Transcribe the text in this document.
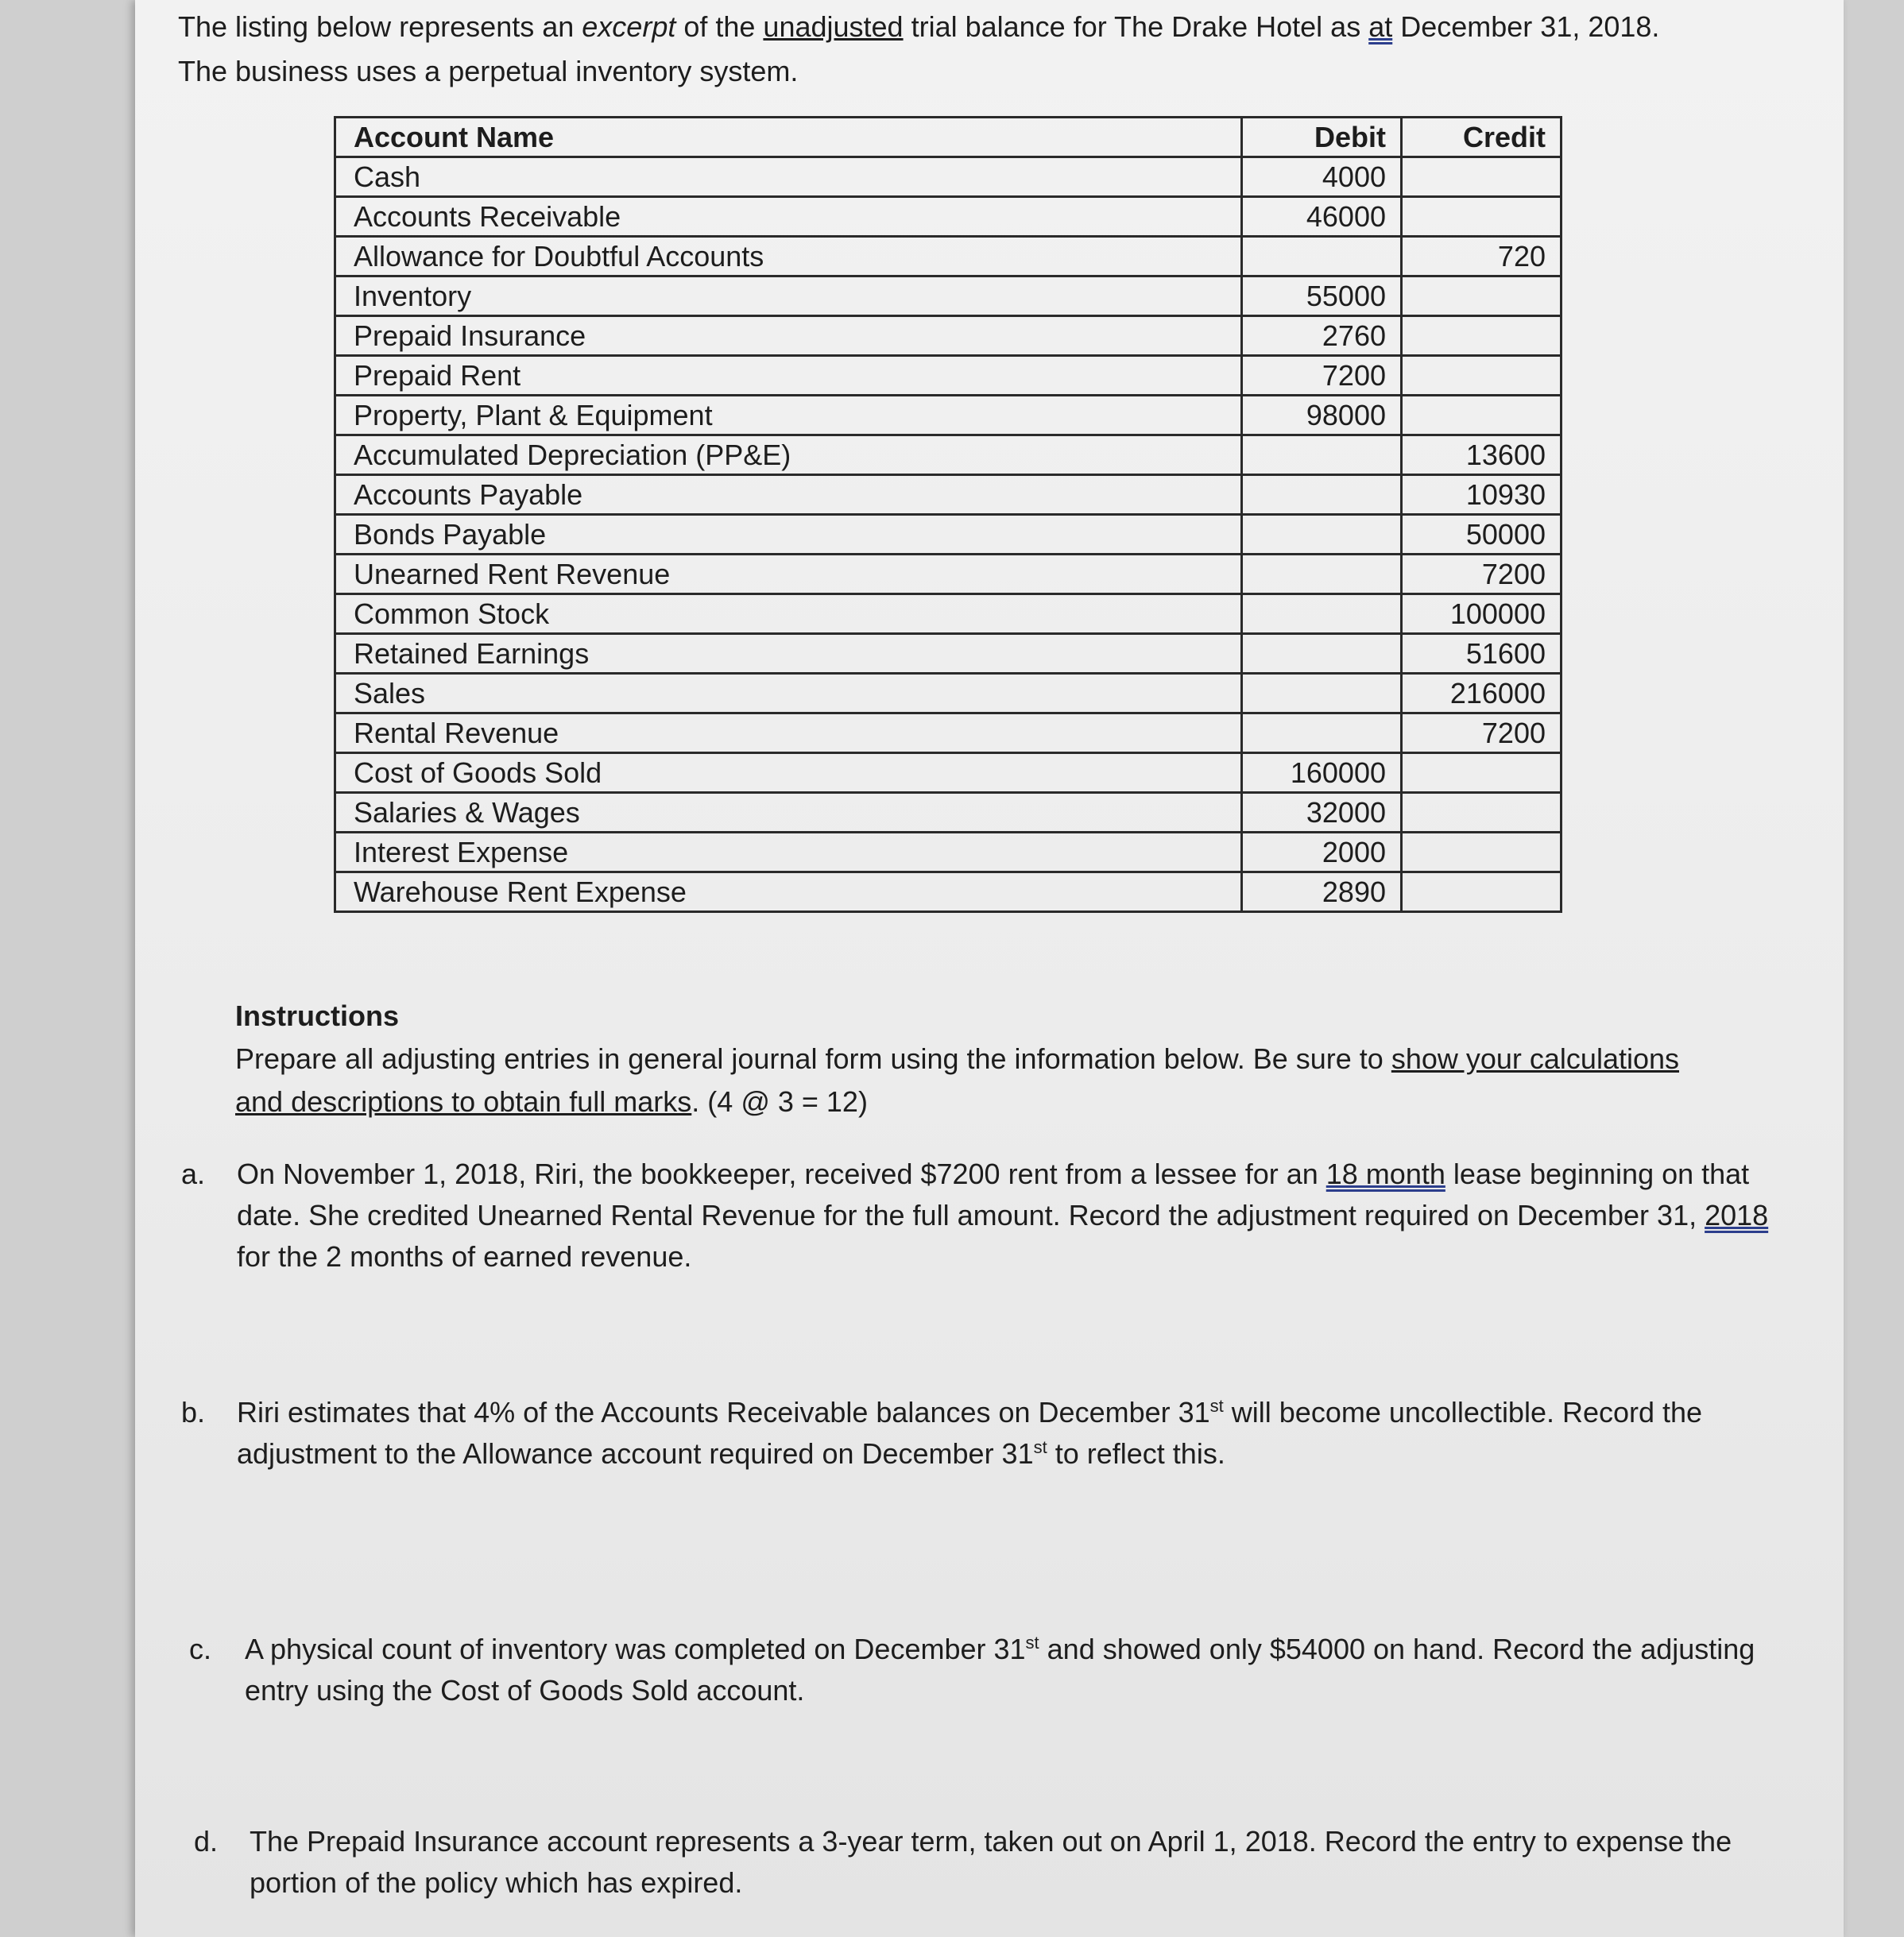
The listing below represents an excerpt of the unadjusted trial balance for The Drake Hotel as at December 31, 2018.
The business uses a perpetual inventory system.
Account Name	Debit	Credit
Cash	4000	
Accounts Receivable	46000	
Allowance for Doubtful Accounts		720
Inventory	55000	
Prepaid Insurance	2760	
Prepaid Rent	7200	
Property, Plant & Equipment	98000	
Accumulated Depreciation (PP&E)		13600
Accounts Payable		10930
Bonds Payable		50000
Unearned Rent Revenue		7200
Common Stock		100000
Retained Earnings		51600
Sales		216000
Rental Revenue		7200
Cost of Goods Sold	160000	
Salaries & Wages	32000	
Interest Expense	2000	
Warehouse Rent Expense	2890	
Instructions
Prepare all adjusting entries in general journal form using the information below. Be sure to show your calculations
and descriptions to obtain full marks. (4 @ 3 = 12)
a. On November 1, 2018, Riri, the bookkeeper, received $7200 rent from a lessee for an 18 month lease beginning on that date. She credited Unearned Rental Revenue for the full amount. Record the adjustment required on December 31, 2018 for the 2 months of earned revenue.
b. Riri estimates that 4% of the Accounts Receivable balances on December 31st will become uncollectible. Record the adjustment to the Allowance account required on December 31st to reflect this.
c. A physical count of inventory was completed on December 31st and showed only $54000 on hand. Record the adjusting entry using the Cost of Goods Sold account.
d. The Prepaid Insurance account represents a 3-year term, taken out on April 1, 2018. Record the entry to expense the portion of the policy which has expired.
